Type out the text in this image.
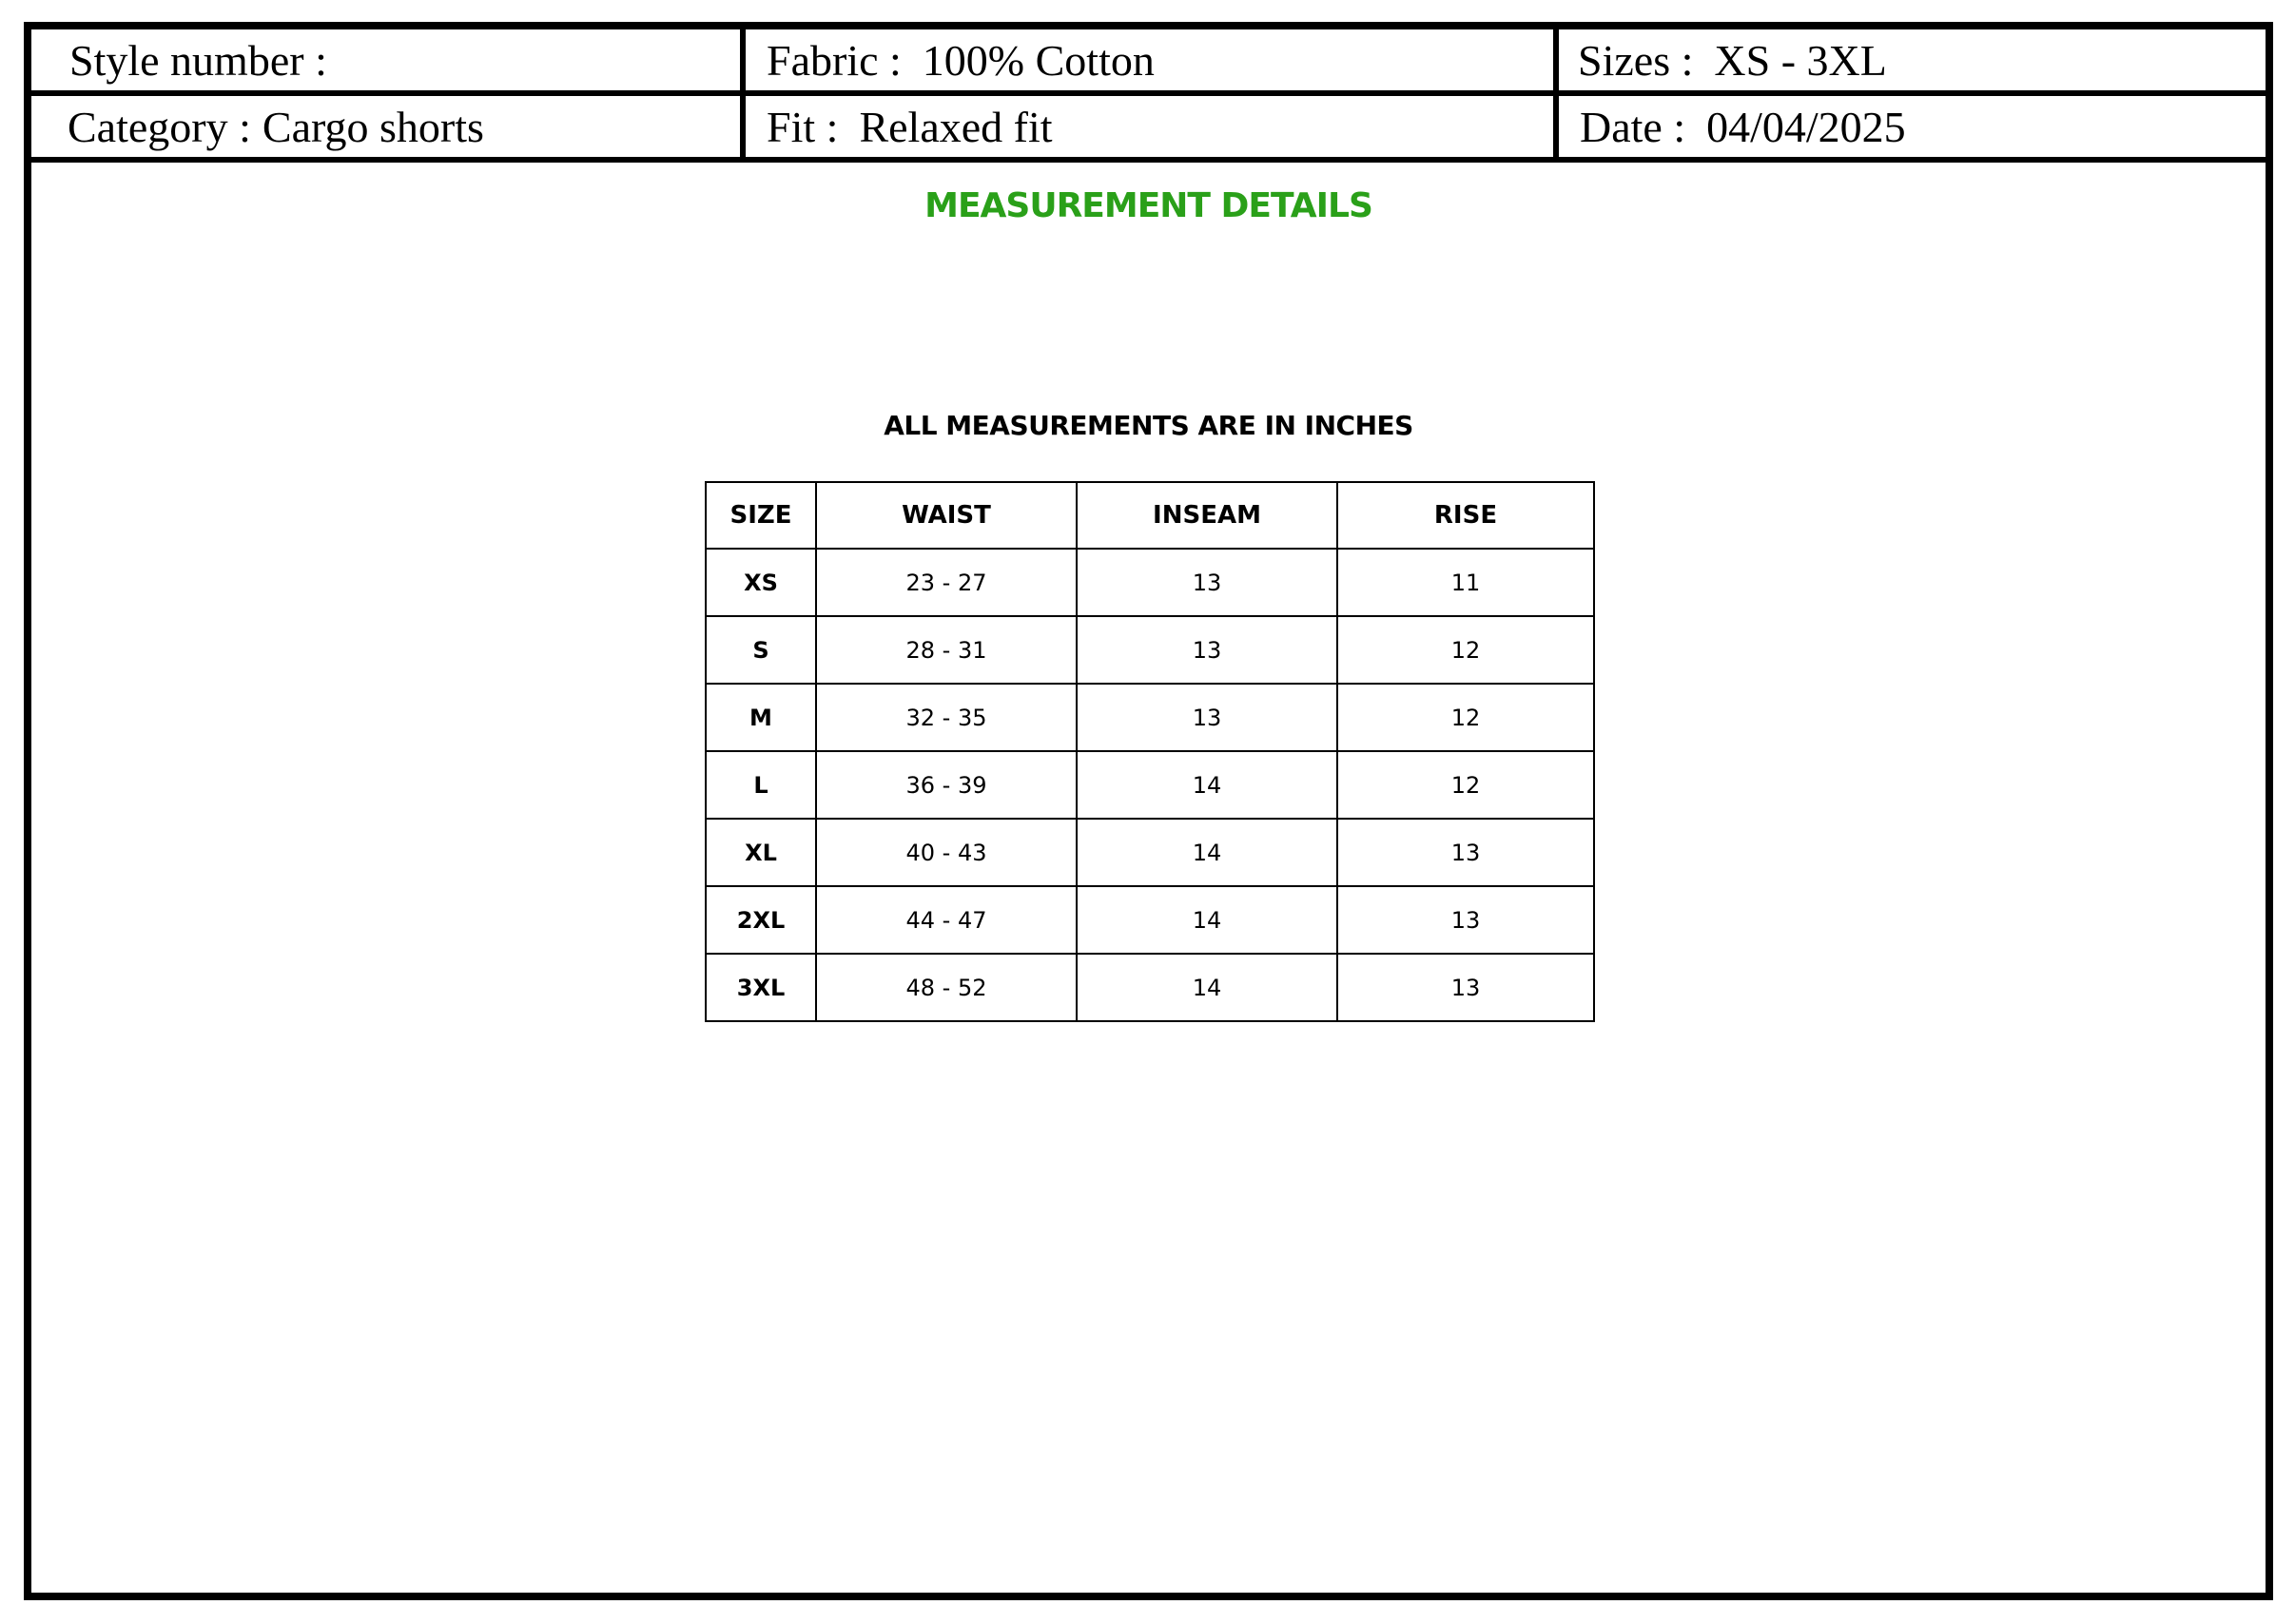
Style number :	Fabric : 100% Cotton	Sizes : XS - 3XL
Category : Cargo shorts	Fit : Relaxed fit	Date : 04/04/2025
MEASUREMENT DETAILS
ALL MEASUREMENTS ARE IN INCHES
SIZE	WAIST	INSEAM	RISE
XS	23 - 27	13	11
S	28 - 31	13	12
M	32 - 35	13	12
L	36 - 39	14	12
XL	40 - 43	14	13
2XL	44 - 47	14	13
3XL	48 - 52	14	13
